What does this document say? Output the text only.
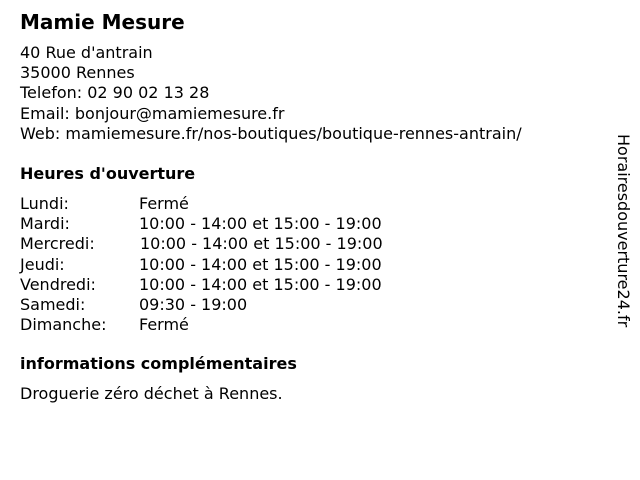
Mamie Mesure
40 Rue d'antrain
35000 Rennes
Telefon: 02 90 02 13 28
Email: bonjour@mamiemesure.fr
Web: mamiemesure.fr/nos-boutiques/boutique-rennes-antrain/
Heures d'ouverture
Lundi:	Fermé
Mardi:	10:00 - 14:00 et 15:00 - 19:00
Mercredi:	10:00 - 14:00 et 15:00 - 19:00
Jeudi:	10:00 - 14:00 et 15:00 - 19:00
Vendredi:	10:00 - 14:00 et 15:00 - 19:00
Samedi:	09:30 - 19:00
Dimanche:	Fermé
informations complémentaires
Droguerie zéro déchet à Rennes.
Horairesdouverture24.fr
